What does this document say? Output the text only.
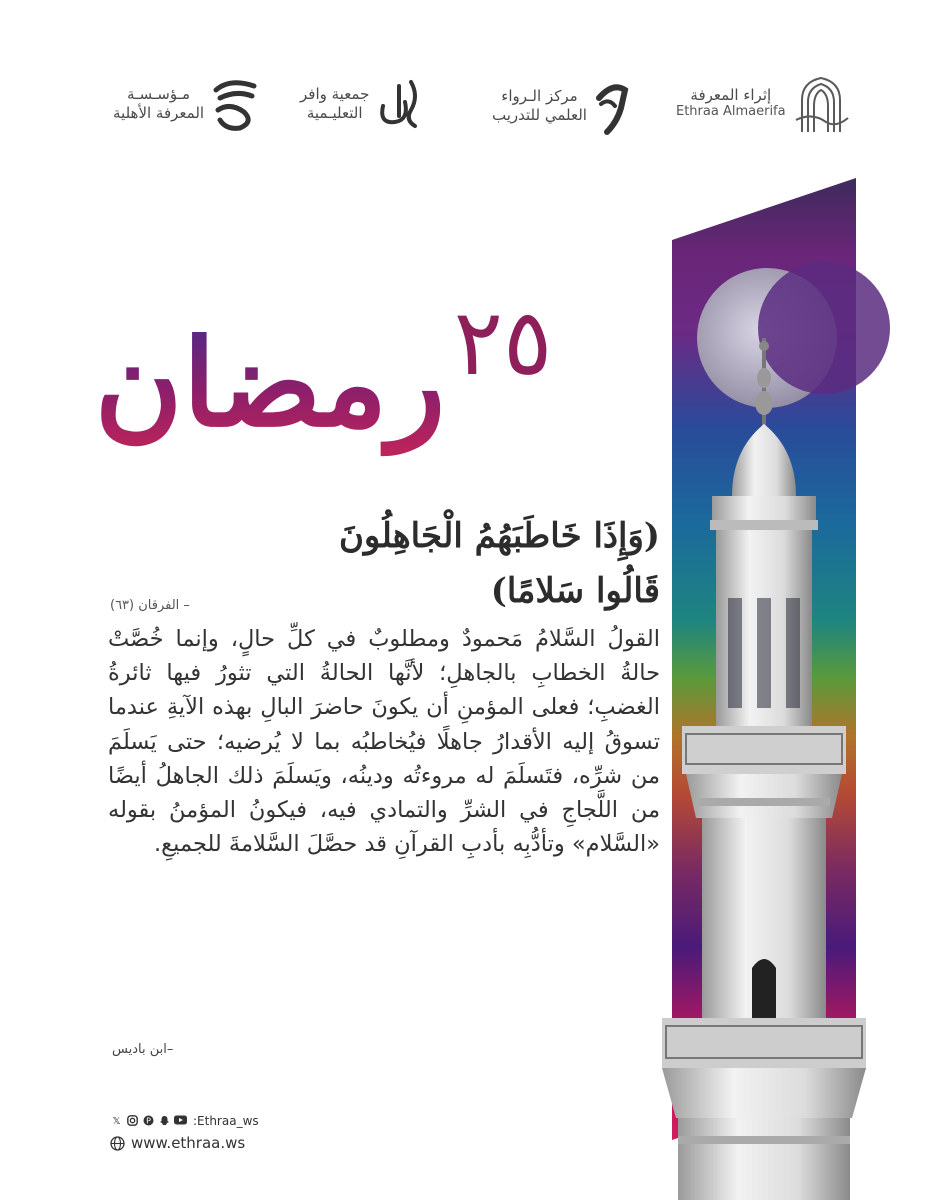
إثراء المعرفة
Ethraa Almaerifa
مركز الـرواء
العلمي للتدريب
جمعية وافر
التعليـمية
مـؤسـسـة
المعرفة الأهلية
٢٥
رمضان
(وَإِذَا خَاطَبَهُمُ الْجَاهِلُونَ
قَالُوا سَلامًا)
– الفرقان (٦٣)
القولُ السَّلامُ مَحمودٌ ومطلوبٌ في كلِّ حالٍ، وإنما خُصَّتْ حالةُ الخطابِ بالجاهلِ؛ لأنَّها الحالةُ التي تثورُ فيها ثائرةُ الغضبِ؛ فعلى المؤمنِ أن يكونَ حاضرَ البالِ بهذه الآيةِ عندما تسوقُ إليه الأقدارُ جاهلًا فيُخاطبُه بما لا يُرضيه؛ حتى يَسلَمَ من شرِّه، فتَسلَمَ له مروءتُه ودينُه، ويَسلَمَ ذلك الجاهلُ أيضًا من اللَّجاجِ في الشرِّ والتمادي فيه، فيكونُ المؤمنُ بقوله «السَّلام» وتأدُّبِه بأدبِ القرآنِ قد حصَّلَ السَّلامةَ للجميعِ.
–ابن باديس
𝕏	P	:Ethraa_ws
www.ethraa.ws
